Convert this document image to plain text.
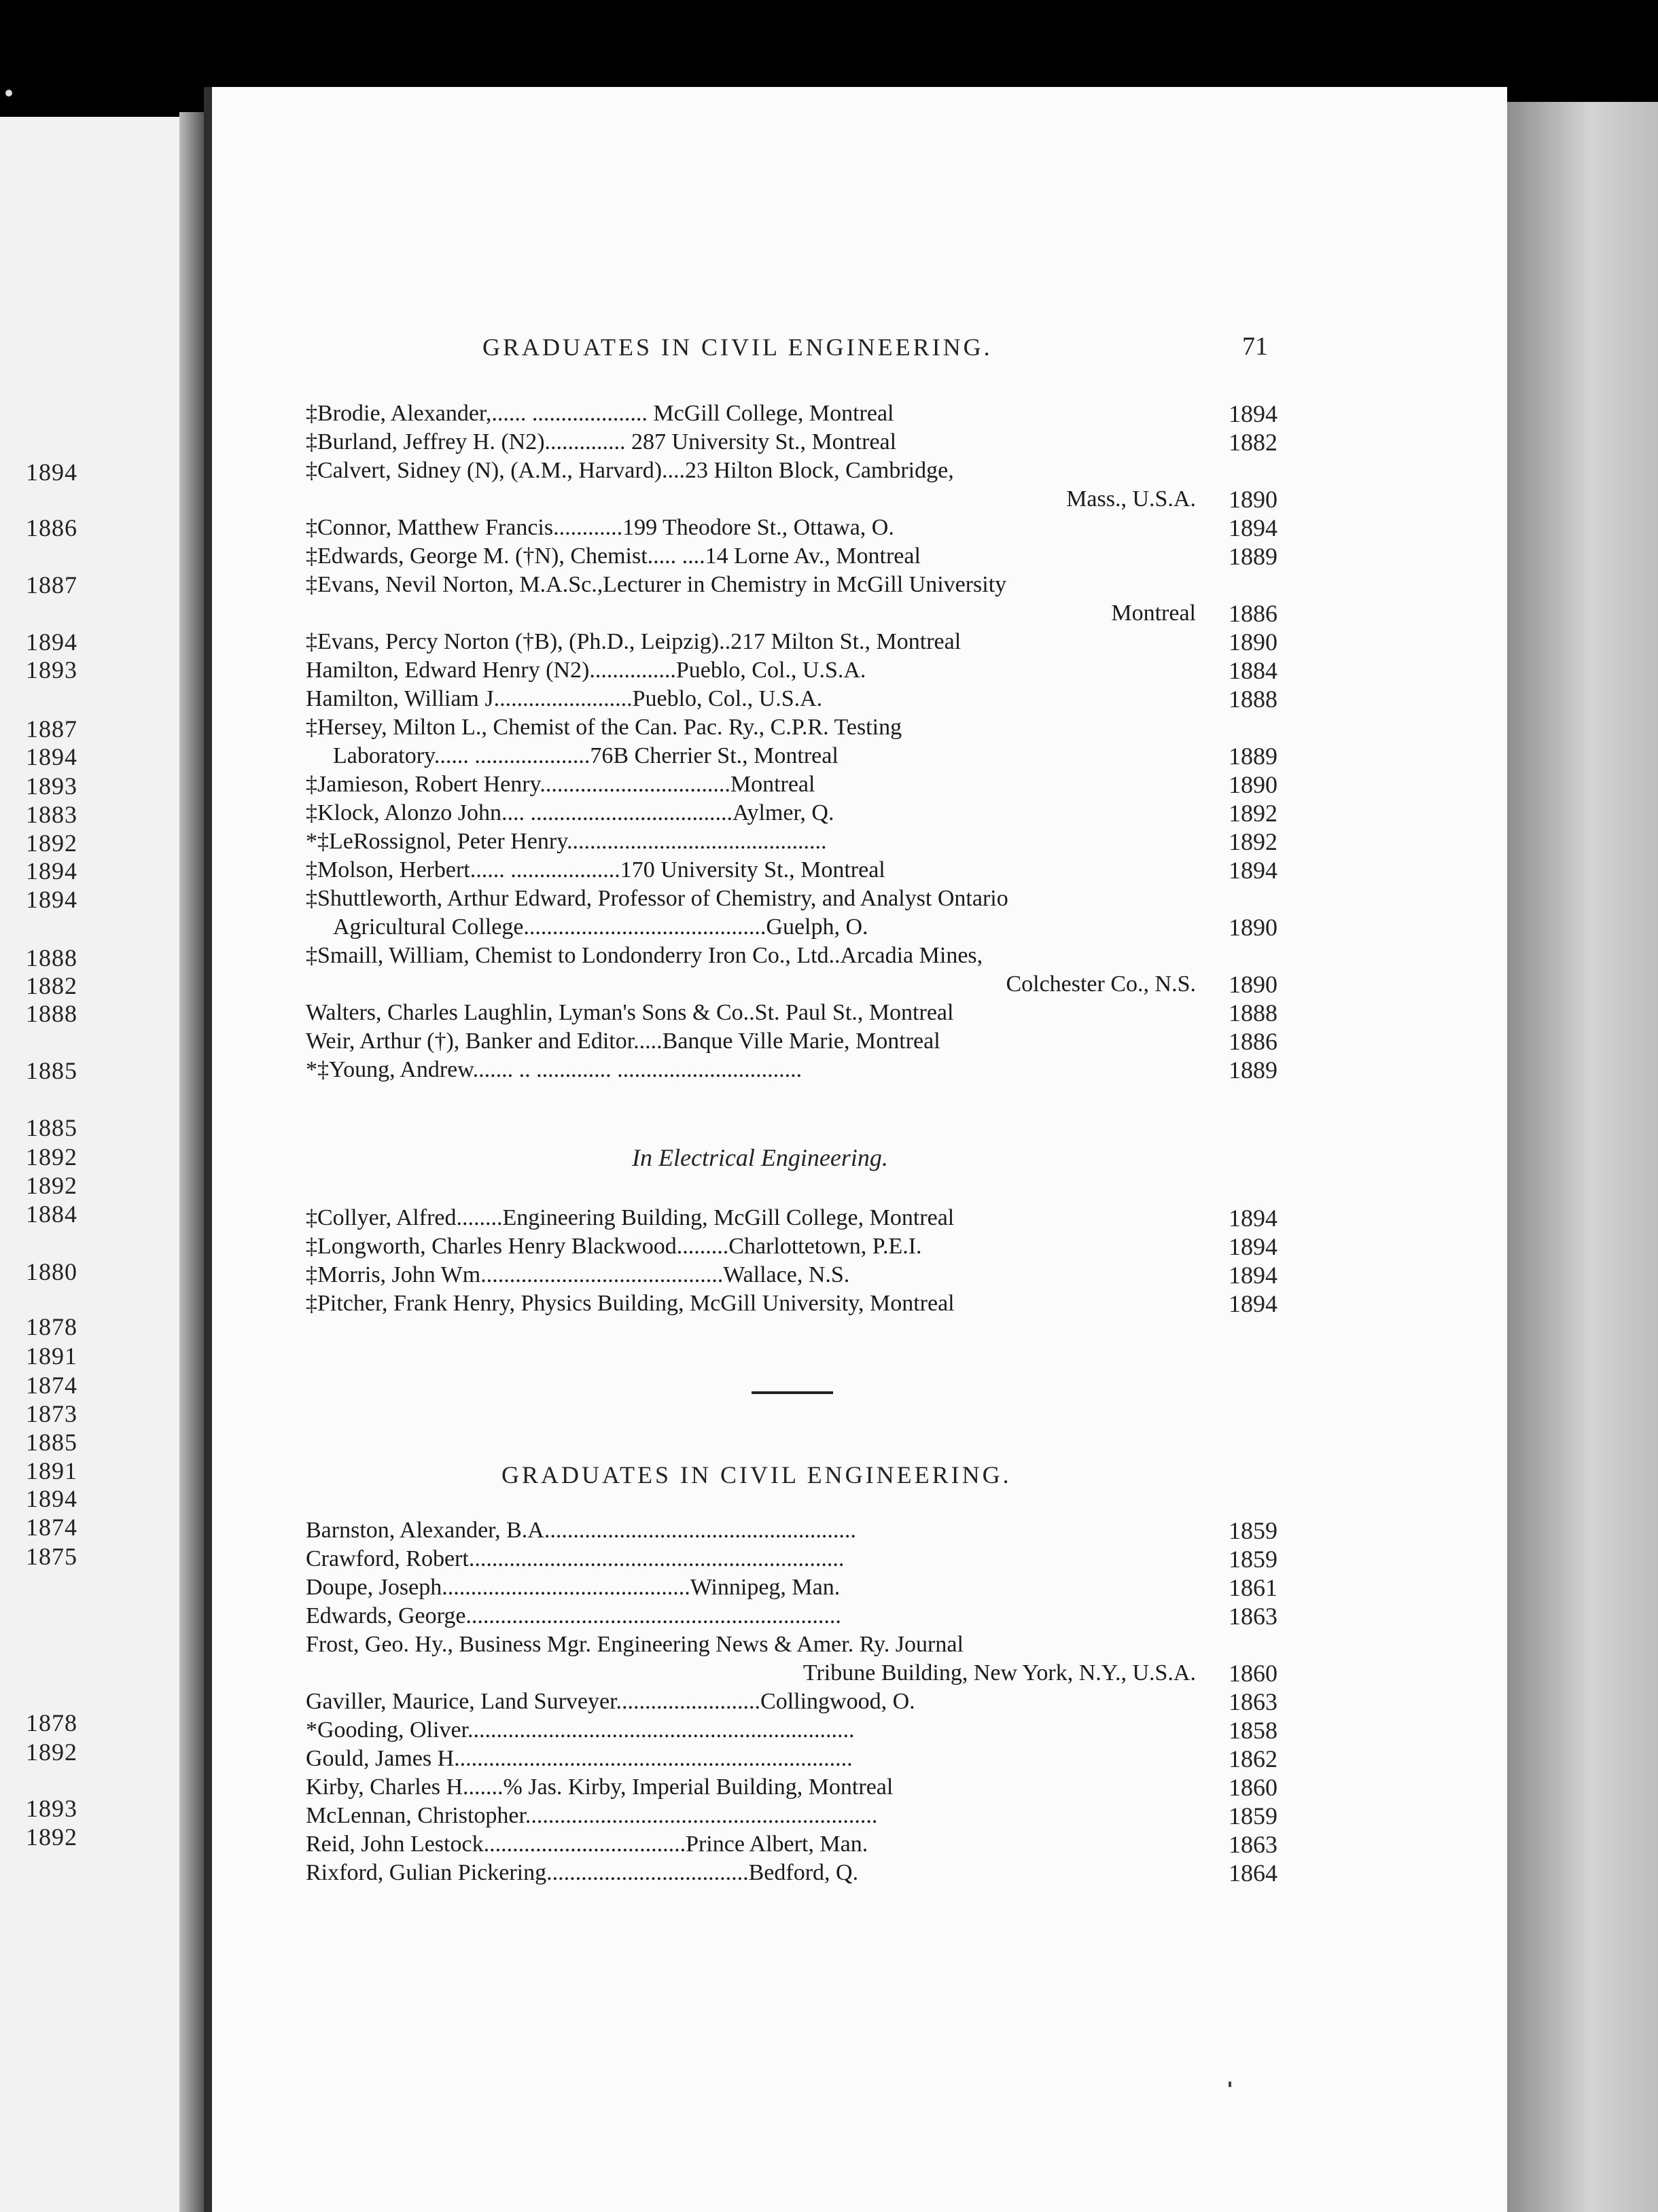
1894
1886
1887
1894
1893
1887
1894
1893
1883
1892
1894
1894
1888
1882
1888
1885
1885
1892
1892
1884
1880
1878
1891
1874
1873
1885
1891
1894
1874
1875
1878
1892
1893
1892
GRADUATES IN CIVIL ENGINEERING.	71
‡Brodie, Alexander,...... .................... McGill College, Montreal	1894
‡Burland, Jeffrey H. (N2).............. 287 University St., Montreal	1882
‡Calvert, Sidney (N), (A.M., Harvard)....23 Hilton Block, Cambridge,
Mass., U.S.A. 1890
‡Connor, Matthew Francis............199 Theodore St., Ottawa, O.	1894
‡Edwards, George M. (†N), Chemist..... ....14 Lorne Av., Montreal	1889
‡Evans, Nevil Norton, M.A.Sc.,Lecturer in Chemistry in McGill University
Montreal 1886
‡Evans, Percy Norton (†B), (Ph.D., Leipzig)..217 Milton St., Montreal	1890
Hamilton, Edward Henry (N2)...............Pueblo, Col., U.S.A.	1884
Hamilton, William J........................Pueblo, Col., U.S.A.	1888
‡Hersey, Milton L., Chemist of the Can. Pac. Ry., C.P.R. Testing
Laboratory...... ....................76B Cherrier St., Montreal	1889
‡Jamieson, Robert Henry.................................Montreal	1890
‡Klock, Alonzo John.... ...................................Aylmer, Q.	1892
*‡LeRossignol, Peter Henry.............................................	1892
‡Molson, Herbert...... ...................170 University St., Montreal	1894
‡Shuttleworth, Arthur Edward, Professor of Chemistry, and Analyst Ontario
Agricultural College..........................................Guelph, O.	1890
‡Smaill, William, Chemist to Londonderry Iron Co., Ltd..Arcadia Mines,
Colchester Co., N.S. 1890
Walters, Charles Laughlin, Lyman's Sons & Co..St. Paul St., Montreal	1888
Weir, Arthur (†), Banker and Editor.....Banque Ville Marie, Montreal	1886
*‡Young, Andrew....... .. ............. ................................	1889
In Electrical Engineering.
‡Collyer, Alfred........Engineering Building, McGill College, Montreal	1894
‡Longworth, Charles Henry Blackwood.........Charlottetown, P.E.I.	1894
‡Morris, John Wm..........................................Wallace, N.S.	1894
‡Pitcher, Frank Henry, Physics Building, McGill University, Montreal	1894
GRADUATES IN CIVIL ENGINEERING.
Barnston, Alexander, B.A......................................................	1859
Crawford, Robert.................................................................	1859
Doupe, Joseph...........................................Winnipeg, Man.	1861
Edwards, George.................................................................	1863
Frost, Geo. Hy., Business Mgr. Engineering News & Amer. Ry. Journal
Tribune Building, New York, N.Y., U.S.A. 1860
Gaviller, Maurice, Land Surveyer.........................Collingwood, O.	1863
*Gooding, Oliver...................................................................	1858
Gould, James H.....................................................................	1862
Kirby, Charles H.......% Jas. Kirby, Imperial Building, Montreal	1860
McLennan, Christopher.............................................................	1859
Reid, John Lestock...................................Prince Albert, Man.	1863
Rixford, Gulian Pickering...................................Bedford, Q.	1864
